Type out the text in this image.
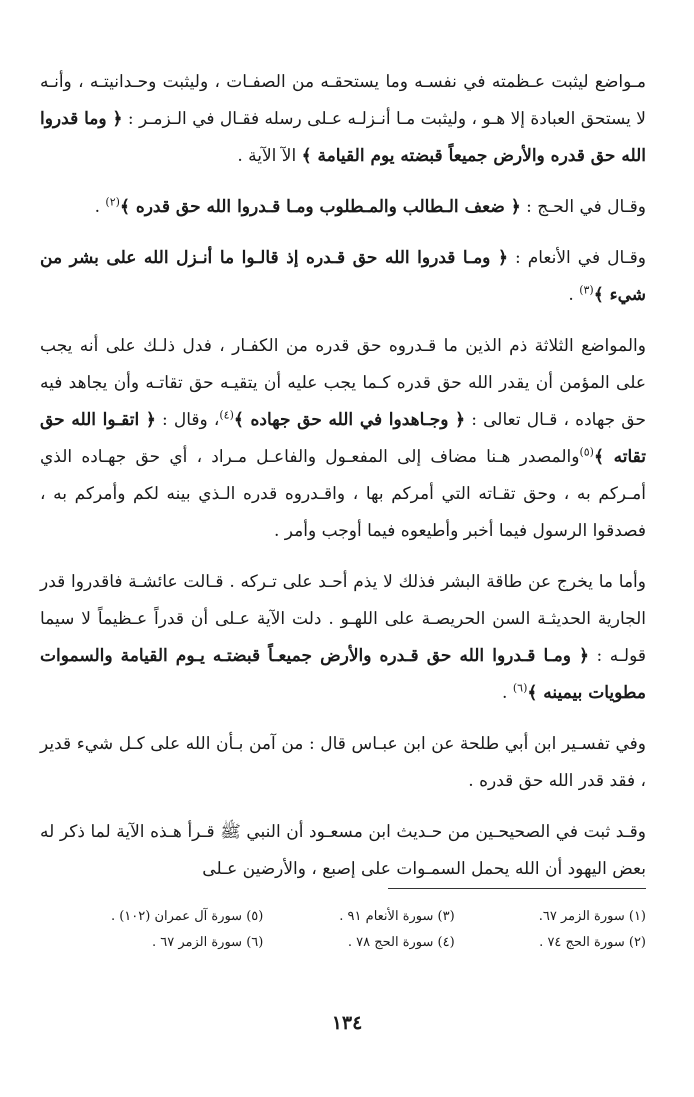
مـواضع ليثبت عـظمته في نفسـه وما يستحقـه من الصفـات ، وليثبت وحـدانيتـه ، وأنـه لا يستحق العبادة إلا هـو ، وليثبت مـا أنـزلـه عـلى رسله فقـال في الـزمـر : ﴿ وما قدروا الله حق قدره والأرض جميعاً قبضته يوم القيامة ﴾ الآ الآية .

وقـال في الحـج : ﴿ ضعف الـطالب والمـطلوب ومـا قـدروا الله حق قدره ﴾$^{(٢)}$ .

وقـال في الأنعام : ﴿ ومـا قدروا الله حق قـدره إذ قالـوا ما أنـزل الله على بشر من شيء ﴾$^{(٣)}$ .

والمواضع الثلاثة ذم الذين ما قـدروه حق قدره من الكفـار ، فدل ذلـك على أنه يجب على المؤمن أن يقدر الله حق قدره كـما يجب عليه أن يتقيـه حق تقاتـه وأن يجاهد فيه حق جهاده ، قـال تعالى : ﴿ وجـاهدوا في الله حق جهاده ﴾$^{(٤)}$، وقال : ﴿ اتقـوا الله حق تقاته ﴾$^{(٥)}$والمصدر هـنا مضاف إلى المفعـول والفاعـل مـراد ، أي حق جهـاده الذي أمـركم به ، وحق تقـاته التي أمركم بها ، واقـدروه قدره الـذي بينه لكم وأمركم به ، فصدقوا الرسول فيما أخبر وأطيعوه فيما أوجب وأمر .

وأما ما يخرج عن طاقة البشر فذلك لا يذم أحـد على تـركه . قـالت عائشـة فاقدروا قدر الجارية الحديثـة السن الحريصـة على اللهـو . دلت الآية عـلى أن قدراً عـظيماً لا سيما قولـه : ﴿ ومـا قـدروا الله حق قـدره والأرض جميعـاً قبضتـه يـوم القيامة والسموات مطويات بيمينه ﴾$^{(٦)}$ .

وفي تفسـير ابن أبي طلحة عن ابن عبـاس قال : من آمن بـأن الله على كـل شيء قدير ، فقد قدر الله حق قدره .

وقـد ثبت في الصحيحـين من حـديث ابن مسعـود أن النبي ﷺ قـرأ هـذه الآية لما ذكر له بعض اليهود أن الله يحمل السمـوات على إصبع ، والأرضين عـلى

(١) سورة الزمر ٦٧.
(٣) سورة الأنعام ٩١ .
(٥) سورة آل عمران (١٠٢) .
(٢) سورة الحج ٧٤ .
(٤) سورة الحج ٧٨ .
(٦) سورة الزمر ٦٧ .
١٣٤
